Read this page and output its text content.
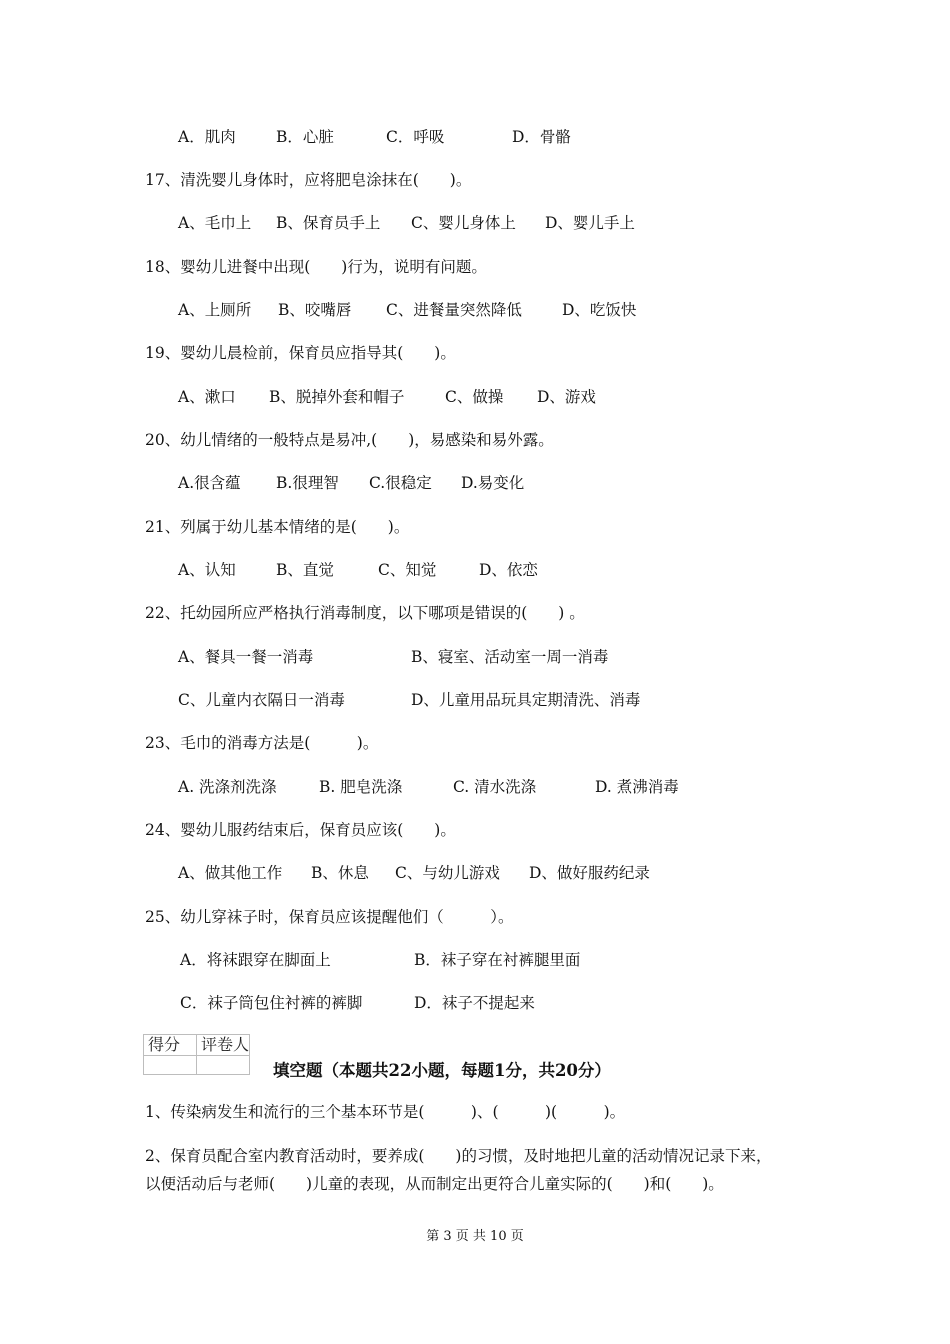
A．肌肉	B．心脏	C．呼吸	D．骨骼
17、清洗婴儿身体时，应将肥皂涂抹在(　　)。
A、毛巾上 B、保育员手上 C、婴儿身体上 D、婴儿手上
18、婴幼儿进餐中出现(　　)行为，说明有问题。
A、上厕所 B、咬嘴唇 C、进餐量突然降低	D、吃饭快
19、婴幼儿晨检前，保育员应指导其(　　)。
A、漱口 B、脱掉外套和帽子	C、做操 D、游戏
20、幼儿情绪的一般特点是易冲,(　　)，易感染和易外露。
A.很含蕴 B.很理智 C.很稳定 D.易变化
21、列属于幼儿基本情绪的是(　　)。
A、认知	B、直觉	C、知觉	D、依恋
22、托幼园所应严格执行消毒制度，以下哪项是错误的(　　) 。
A、餐具一餐一消毒	B、寝室、活动室一周一消毒
C、儿童内衣隔日一消毒	D、儿童用品玩具定期清洗、消毒
23、毛巾的消毒方法是(　　　)。
A. 洗涤剂洗涤	B. 肥皂洗涤	C. 清水洗涤	D. 煮沸消毒
24、婴幼儿服药结束后，保育员应该(　　)。
A、做其他工作 B、休息 C、与幼儿游戏 D、做好服药纪录
25、幼儿穿袜子时，保育员应该提醒他们（　　　）。
A．将袜跟穿在脚面上	B．袜子穿在衬裤腿里面
C．袜子筒包住衬裤的裤脚	D．袜子不提起来
得分	评卷人

填空题（本题共22小题，每题1分，共20分）
1、传染病发生和流行的三个基本环节是(　　　)、(　　　)(　　　)。
2、保育员配合室内教育活动时，要养成(　　)的习惯，及时地把儿童的活动情况记录下来，
以便活动后与老师(　　)儿童的表现，从而制定出更符合儿童实际的(　　)和(　　)。
第 3 页 共 10 页
